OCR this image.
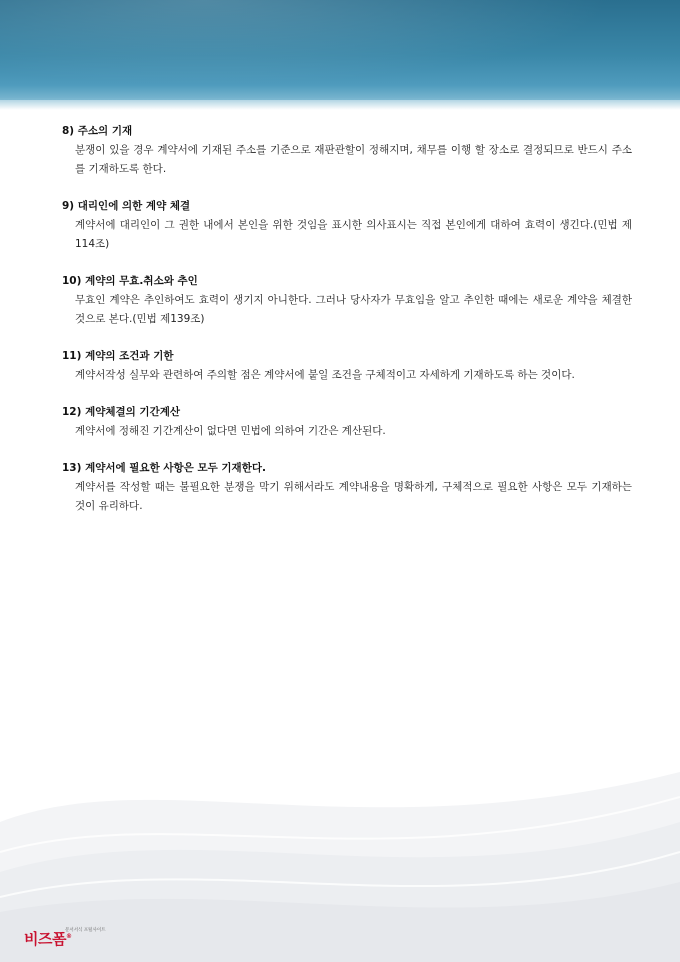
8) 주소의 기재

분쟁이 있을 경우 계약서에 기재된 주소를 기준으로 재판관할이 정해지며, 채무를 이행 할 장소로 결정되므로 반드시 주소를 기재하도록 한다.

9) 대리인에 의한 계약 체결

계약서에 대리인이 그 권한 내에서 본인을 위한 것임을 표시한 의사표시는 직접 본인에게 대하여 효력이 생긴다.(민법 제114조)

10) 계약의 무효.취소와 추인

무효인 계약은 추인하여도 효력이 생기지 아니한다. 그러나 당사자가 무효임을 알고 추인한 때에는 새로운 계약을 체결한 것으로 본다.(민법 제139조)

11) 계약의 조건과 기한

계약서작성 실무와 관련하여 주의할 점은 계약서에 붙일 조건을 구체적이고 자세하게 기재하도록 하는 것이다.

12) 계약체결의 기간계산

계약서에 정해진 기간계산이 없다면 민법에 의하여 기간은 계산된다.

13) 계약서에 필요한 사항은 모두 기재한다.

계약서를 작성할 때는 불필요한 분쟁을 막기 위해서라도 계약내용을 명확하게, 구체적으로 필요한 사항은 모두 기재하는 것이 유리하다.

문서서식 포털사이트
비즈폼®
